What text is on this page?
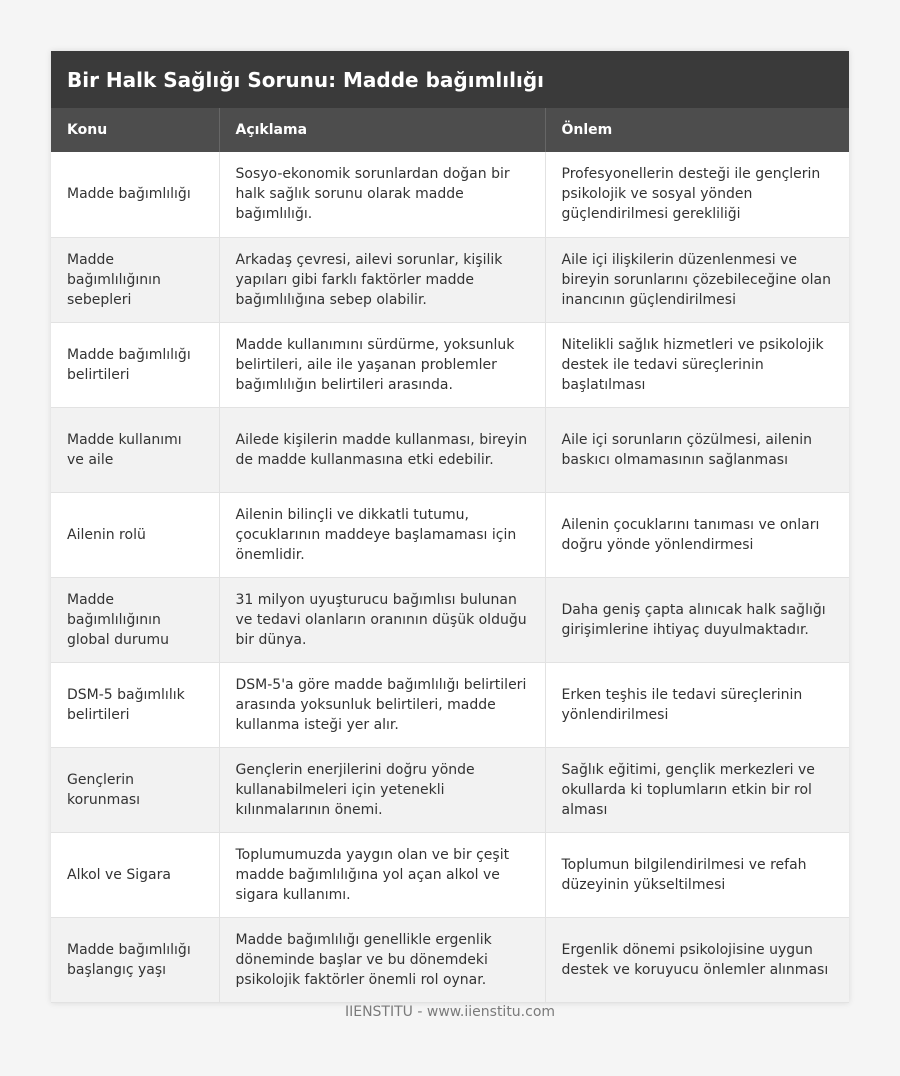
Bir Halk Sağlığı Sorunu: Madde bağımlılığı
Konu	Açıklama	Önlem
Madde bağımlılığı	Sosyo-ekonomik sorunlardan doğan bir halk sağlık sorunu olarak madde bağımlılığı.	Profesyonellerin desteği ile gençlerin psikolojik ve sosyal yönden güçlendirilmesi gerekliliği
Madde bağımlılığının sebepleri	Arkadaş çevresi, ailevi sorunlar, kişilik yapıları gibi farklı faktörler madde bağımlılığına sebep olabilir.	Aile içi ilişkilerin düzenlenmesi ve bireyin sorunlarını çözebileceğine olan inancının güçlendirilmesi
Madde bağımlılığı belirtileri	Madde kullanımını sürdürme, yoksunluk belirtileri, aile ile yaşanan problemler bağımlılığın belirtileri arasında.	Nitelikli sağlık hizmetleri ve psikolojik destek ile tedavi süreçlerinin başlatılması
Madde kullanımı ve aile	Ailede kişilerin madde kullanması, bireyin de madde kullanmasına etki edebilir.	Aile içi sorunların çözülmesi, ailenin baskıcı olmamasının sağlanması
Ailenin rolü	Ailenin bilinçli ve dikkatli tutumu, çocuklarının maddeye başlamaması için önemlidir.	Ailenin çocuklarını tanıması ve onları doğru yönde yönlendirmesi
Madde bağımlılığının global durumu	31 milyon uyuşturucu bağımlısı bulunan ve tedavi olanların oranının düşük olduğu bir dünya.	Daha geniş çapta alınıcak halk sağlığı girişimlerine ihtiyaç duyulmaktadır.
DSM-5 bağımlılık belirtileri	DSM-5'a göre madde bağımlılığı belirtileri arasında yoksunluk belirtileri, madde kullanma isteği yer alır.	Erken teşhis ile tedavi süreçlerinin yönlendirilmesi
Gençlerin korunması	Gençlerin enerjilerini doğru yönde kullanabilmeleri için yetenekli kılınmalarının önemi.	Sağlık eğitimi, gençlik merkezleri ve okullarda ki toplumların etkin bir rol alması
Alkol ve Sigara	Toplumumuzda yaygın olan ve bir çeşit madde bağımlılığına yol açan alkol ve sigara kullanımı.	Toplumun bilgilendirilmesi ve refah düzeyinin yükseltilmesi
Madde bağımlılığı başlangıç yaşı	Madde bağımlılığı genellikle ergenlik döneminde başlar ve bu dönemdeki psikolojik faktörler önemli rol oynar.	Ergenlik dönemi psikolojisine uygun destek ve koruyucu önlemler alınması
IIENSTITU - www.iienstitu.com
